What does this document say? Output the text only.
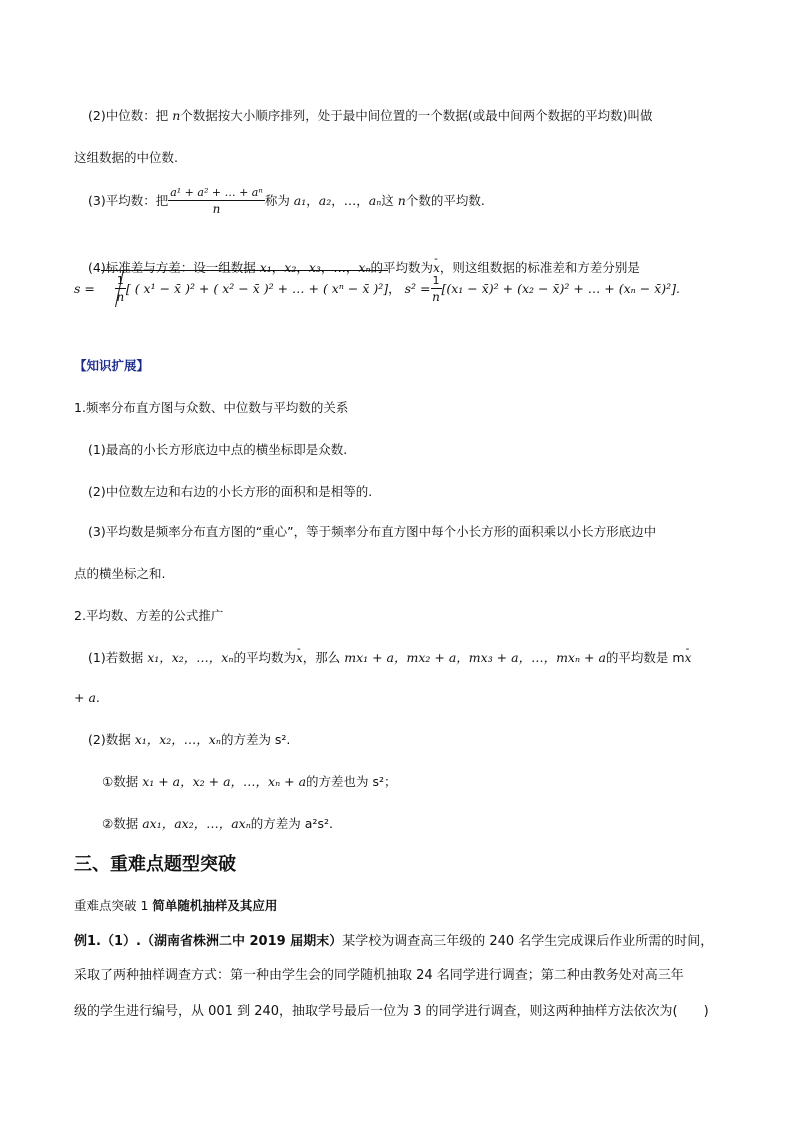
(2)中位数：把 n个数据按大小顺序排列，处于最中间位置的一个数据(或最中间两个数据的平均数)叫做
这组数据的中位数.
(3)平均数：把 $\frac{\text{a¹ + a² + … + aⁿ}}{n}$ 称为 a₁，a₂，…，aₙ这 n个数的平均数.
(4)标准差与方差：设一组数据 x₁，x₂，x₃，…，xₙ的平均数为- x，则这组数据的标准差和方差分别是
$s = \frac{1}{n}$ [ ( x¹ − x̄ )² + ( x² − x̄ )² + … + ( xⁿ − x̄ )²]， $s^2 = \frac{1}{n} [(x_1$ − x̄)² + (x₂ − x̄)² + … + (xₙ − x̄)²].
【知识扩展】
1.频率分布直方图与众数、中位数与平均数的关系
(1)最高的小长方形底边中点的横坐标即是众数.
(2)中位数左边和右边的小长方形的面积和是相等的.
(3)平均数是频率分布直方图的“重心”，等于频率分布直方图中每个小长方形的面积乘以小长方形底边中
点的横坐标之和.
2.平均数、方差的公式推广
(1)若数据 x₁，x₂，…，xₙ的平均数为- x，那么 mx₁ + a，mx₂ + a，mx₃ + a，…，mxₙ + a的平均数是 m- x
+ a.
(2)数据 x₁，x₂，…，xₙ的方差为 s².
①数据 x₁ + a，x₂ + a，…，xₙ + a的方差也为 s²；
②数据 ax₁，ax₂，…，axₙ的方差为 a²s².
三、重难点题型突破
重难点突破 1 简单随机抽样及其应用
例1.（1）.（湖南省株洲二中 2019 届期末）某学校为调查高三年级的 240 名学生完成课后作业所需的时间，
采取了两种抽样调查方式：第一种由学生会的同学随机抽取 24 名同学进行调查；第二种由教务处对高三年
级的学生进行编号，从 001 到 240，抽取学号最后一位为 3 的同学进行调查，则这两种抽样方法依次为(　　)
